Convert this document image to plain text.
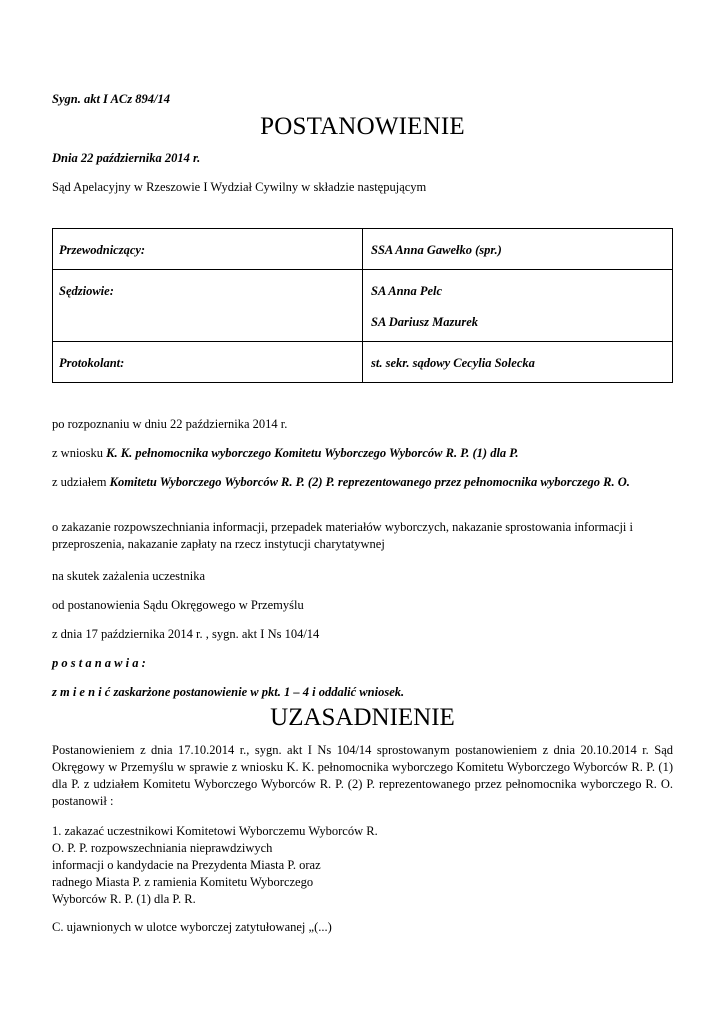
Sygn. akt I ACz 894/14
POSTANOWIENIE
Dnia 22 października 2014 r.
Sąd Apelacyjny w Rzeszowie I Wydział Cywilny w składzie następującym
Przewodniczący:	SSA Anna Gawełko (spr.)
Sędziowie:	SA Anna Pelc
SA Dariusz Mazurek

Protokolant:	st. sekr. sądowy Cecylia Solecka
po rozpoznaniu w dniu 22 października 2014 r.
z wniosku K. K. pełnomocnika wyborczego Komitetu Wyborczego Wyborców R. P. (1) dla P.
z udziałem Komitetu Wyborczego Wyborców R. P. (2) P. reprezentowanego przez pełnomocnika wyborczego R. O.
o zakazanie rozpowszechniania informacji, przepadek materiałów wyborczych, nakazanie sprostowania informacji i przeproszenia, nakazanie zapłaty na rzecz instytucji charytatywnej
na skutek zażalenia uczestnika
od postanowienia Sądu Okręgowego w Przemyślu
z dnia 17 października 2014 r. , sygn. akt I Ns 104/14
p o s t a n a w i a :
z m i e n i ć zaskarżone postanowienie w pkt. 1 – 4 i oddalić wniosek.
UZASADNIENIE
Postanowieniem z dnia 17.10.2014 r., sygn. akt I Ns 104/14 sprostowanym postanowieniem z dnia 20.10.2014 r. Sąd Okręgowy w Przemyślu w sprawie z wniosku K. K. pełnomocnika wyborczego Komitetu Wyborczego Wyborców R. P. (1) dla P. z udziałem Komitetu Wyborczego Wyborców R. P. (2) P. reprezentowanego przez pełnomocnika wyborczego R. O. postanowił :
1. zakazać uczestnikowi Komitetowi Wyborczemu Wyborców R.
O. P. P. rozpowszechniania nieprawdziwych
informacji o kandydacie na Prezydenta Miasta P. oraz
radnego Miasta P. z ramienia Komitetu Wyborczego
Wyborców R. P. (1) dla P. R.
C. ujawnionych w ulotce wyborczej zatytułowanej „(...)
